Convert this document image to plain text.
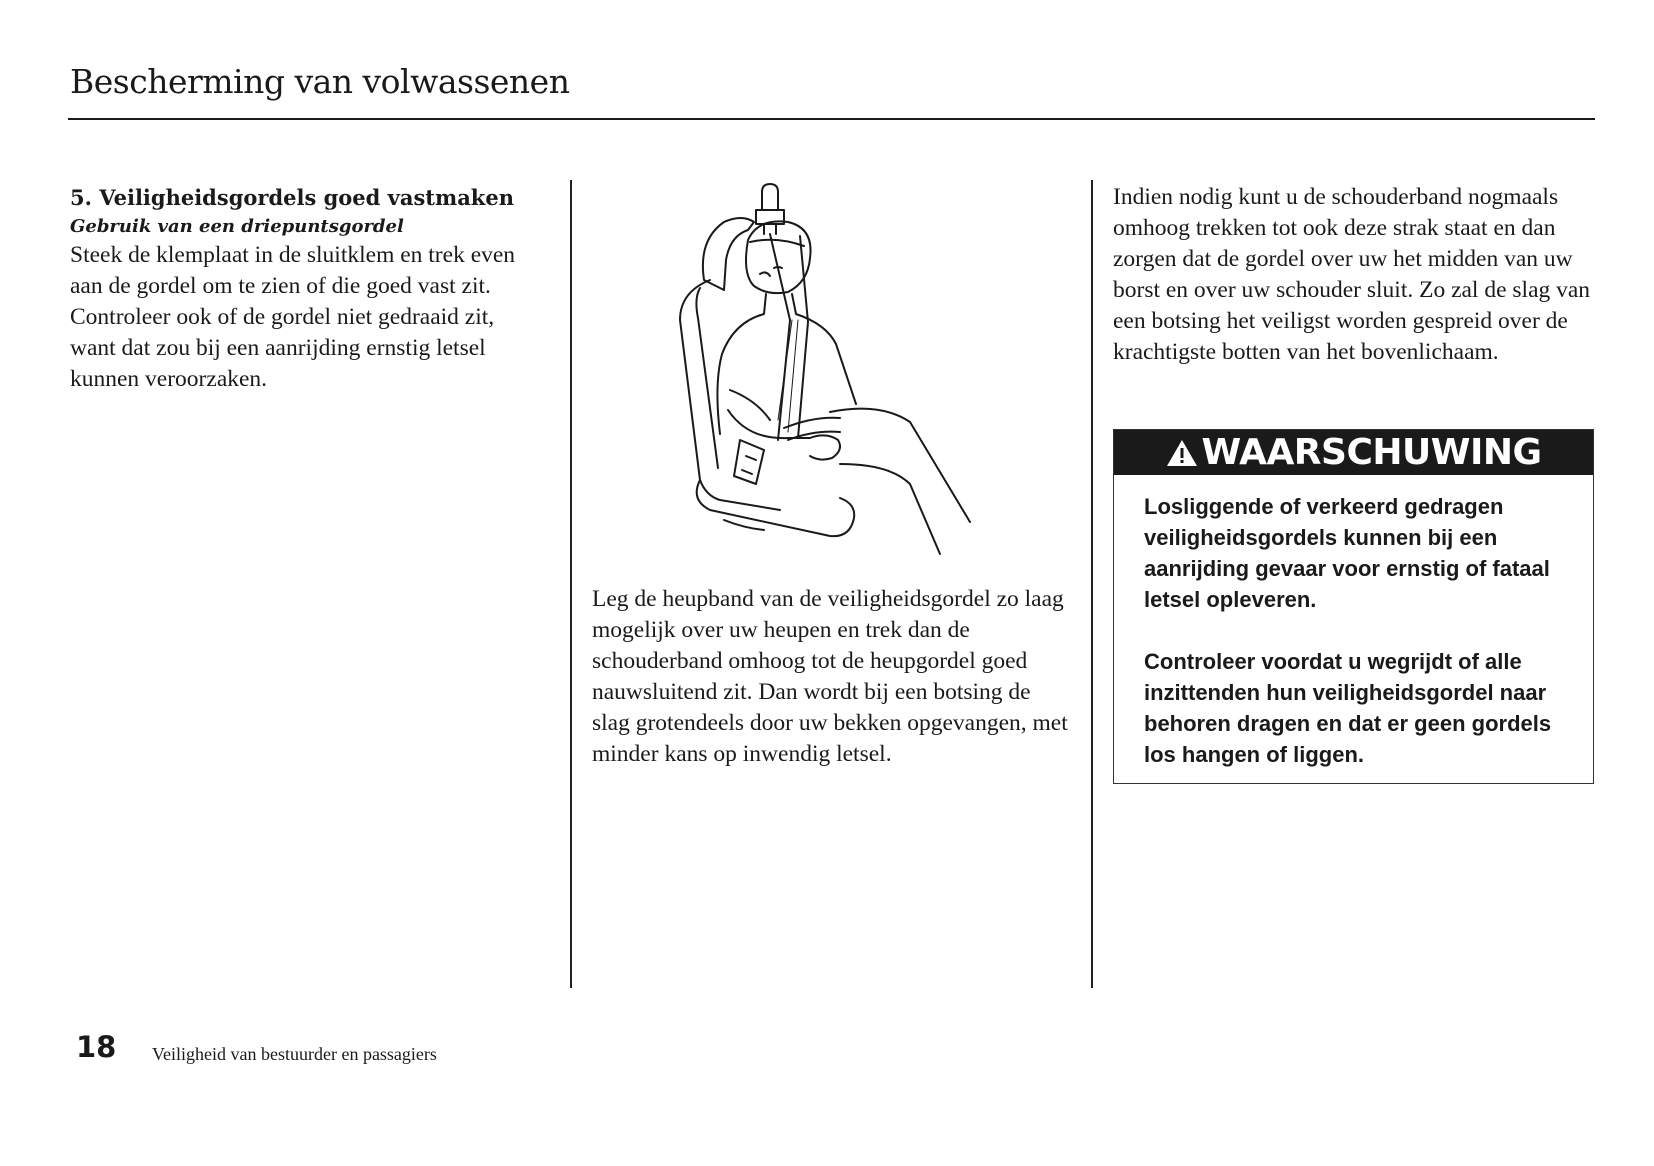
Bescherming van volwassenen
5. Veiligheidsgordels goed vastmaken
Gebruik van een driepuntsgordel

Steek de klemplaat in de sluitklem en trek even aan de gordel om te zien of die goed vast zit. Controleer ook of de gordel niet gedraaid zit, want dat zou bij een aanrijding ernstig letsel kunnen veroorzaken.

Leg de heupband van de veiligheidsgordel zo laag mogelijk over uw heupen en trek dan de schouderband omhoog tot de heupgordel goed nauwsluitend zit. Dan wordt bij een botsing de slag grotendeels door uw bekken opgevangen, met minder kans op inwendig letsel.

Indien nodig kunt u de schouderband nogmaals omhoog trekken tot ook deze strak staat en dan zorgen dat de gordel over uw het midden van uw borst en over uw schouder sluit. Zo zal de slag van een botsing het veiligst worden gespreid over de krachtigste botten van het bovenlichaam.

WAARSCHUWING

Losliggende of verkeerd gedragen veiligheidsgordels kunnen bij een aanrijding gevaar voor ernstig of fataal letsel opleveren.

Controleer voordat u wegrijdt of alle inzittenden hun veiligheidsgordel naar behoren dragen en dat er geen gordels los hangen of liggen.

18 Veiligheid van bestuurder en passagiers
